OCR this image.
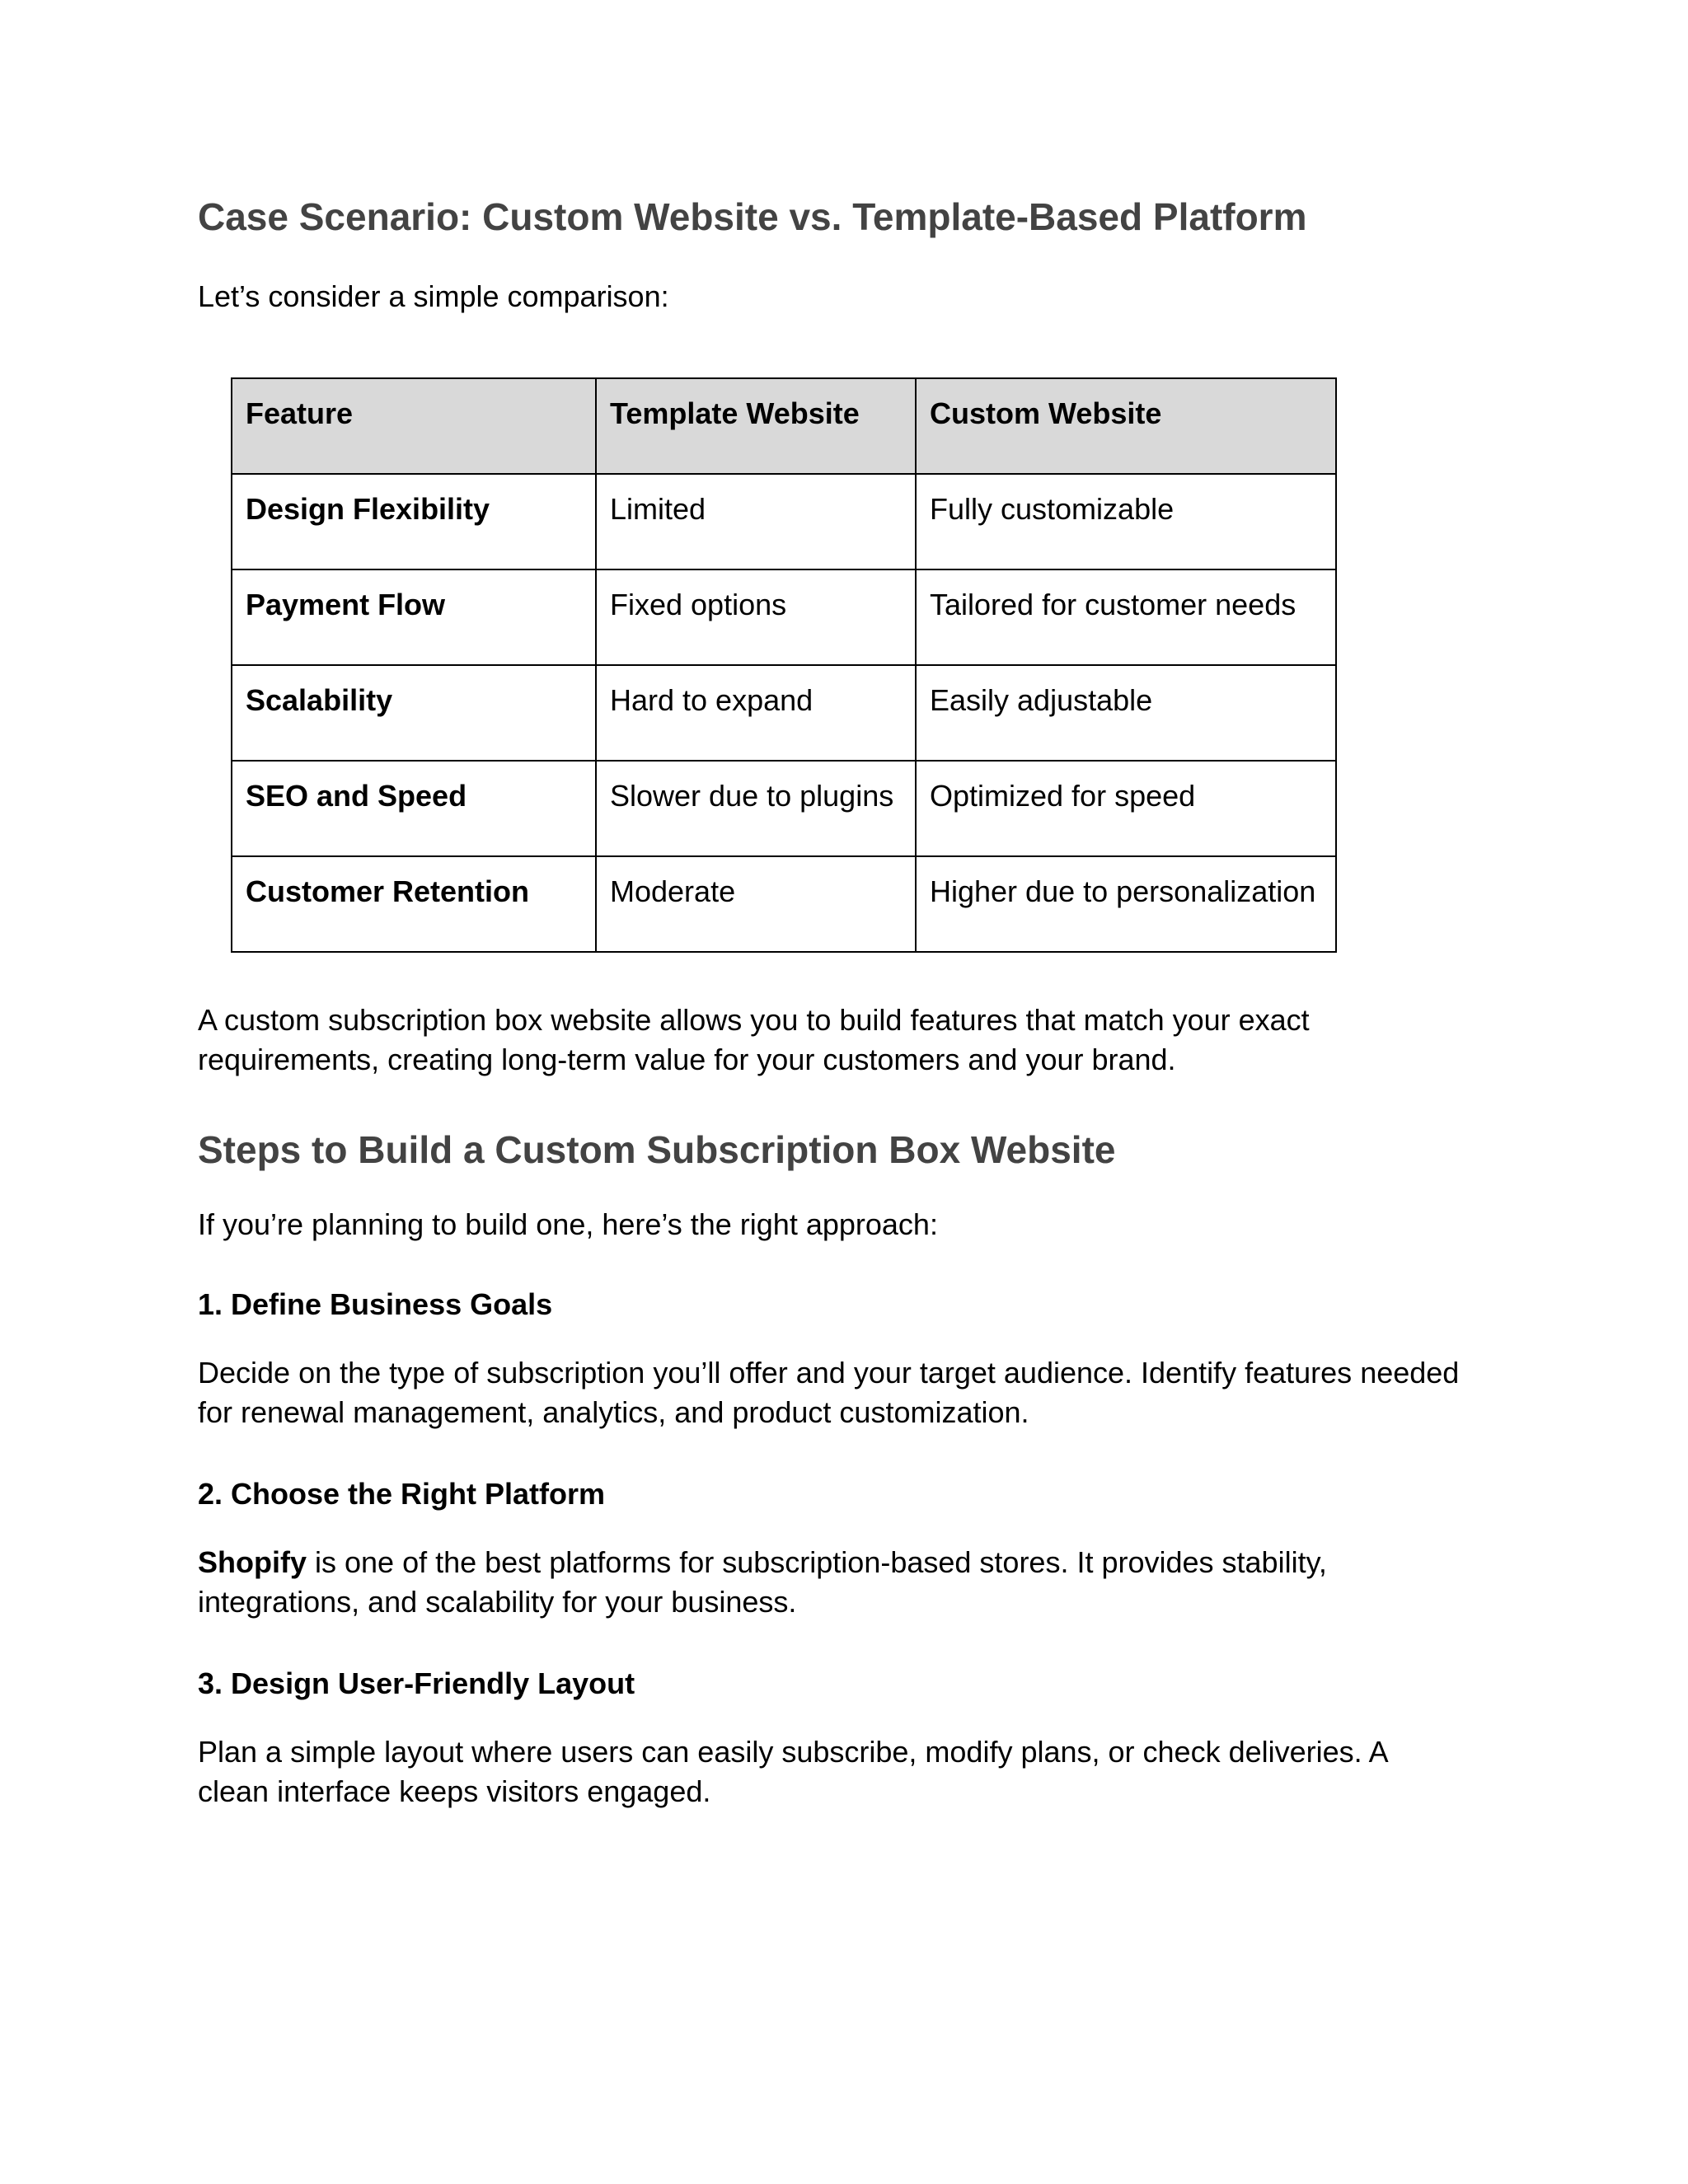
Case Scenario: Custom Website vs. Template-Based Platform

Let’s consider a simple comparison:

Feature	Template Website	Custom Website
Design Flexibility	Limited	Fully customizable
Payment Flow	Fixed options	Tailored for customer needs
Scalability	Hard to expand	Easily adjustable
SEO and Speed	Slower due to plugins	Optimized for speed
Customer Retention	Moderate	Higher due to personalization

A custom subscription box website allows you to build features that match your exact
requirements, creating long-term value for your customers and your brand.

Steps to Build a Custom Subscription Box Website

If you’re planning to build one, here’s the right approach:

1. Define Business Goals

Decide on the type of subscription you’ll offer and your target audience. Identify features needed
for renewal management, analytics, and product customization.

2. Choose the Right Platform

Shopify is one of the best platforms for subscription-based stores. It provides stability,
integrations, and scalability for your business.

3. Design User-Friendly Layout

Plan a simple layout where users can easily subscribe, modify plans, or check deliveries. A
clean interface keeps visitors engaged.
